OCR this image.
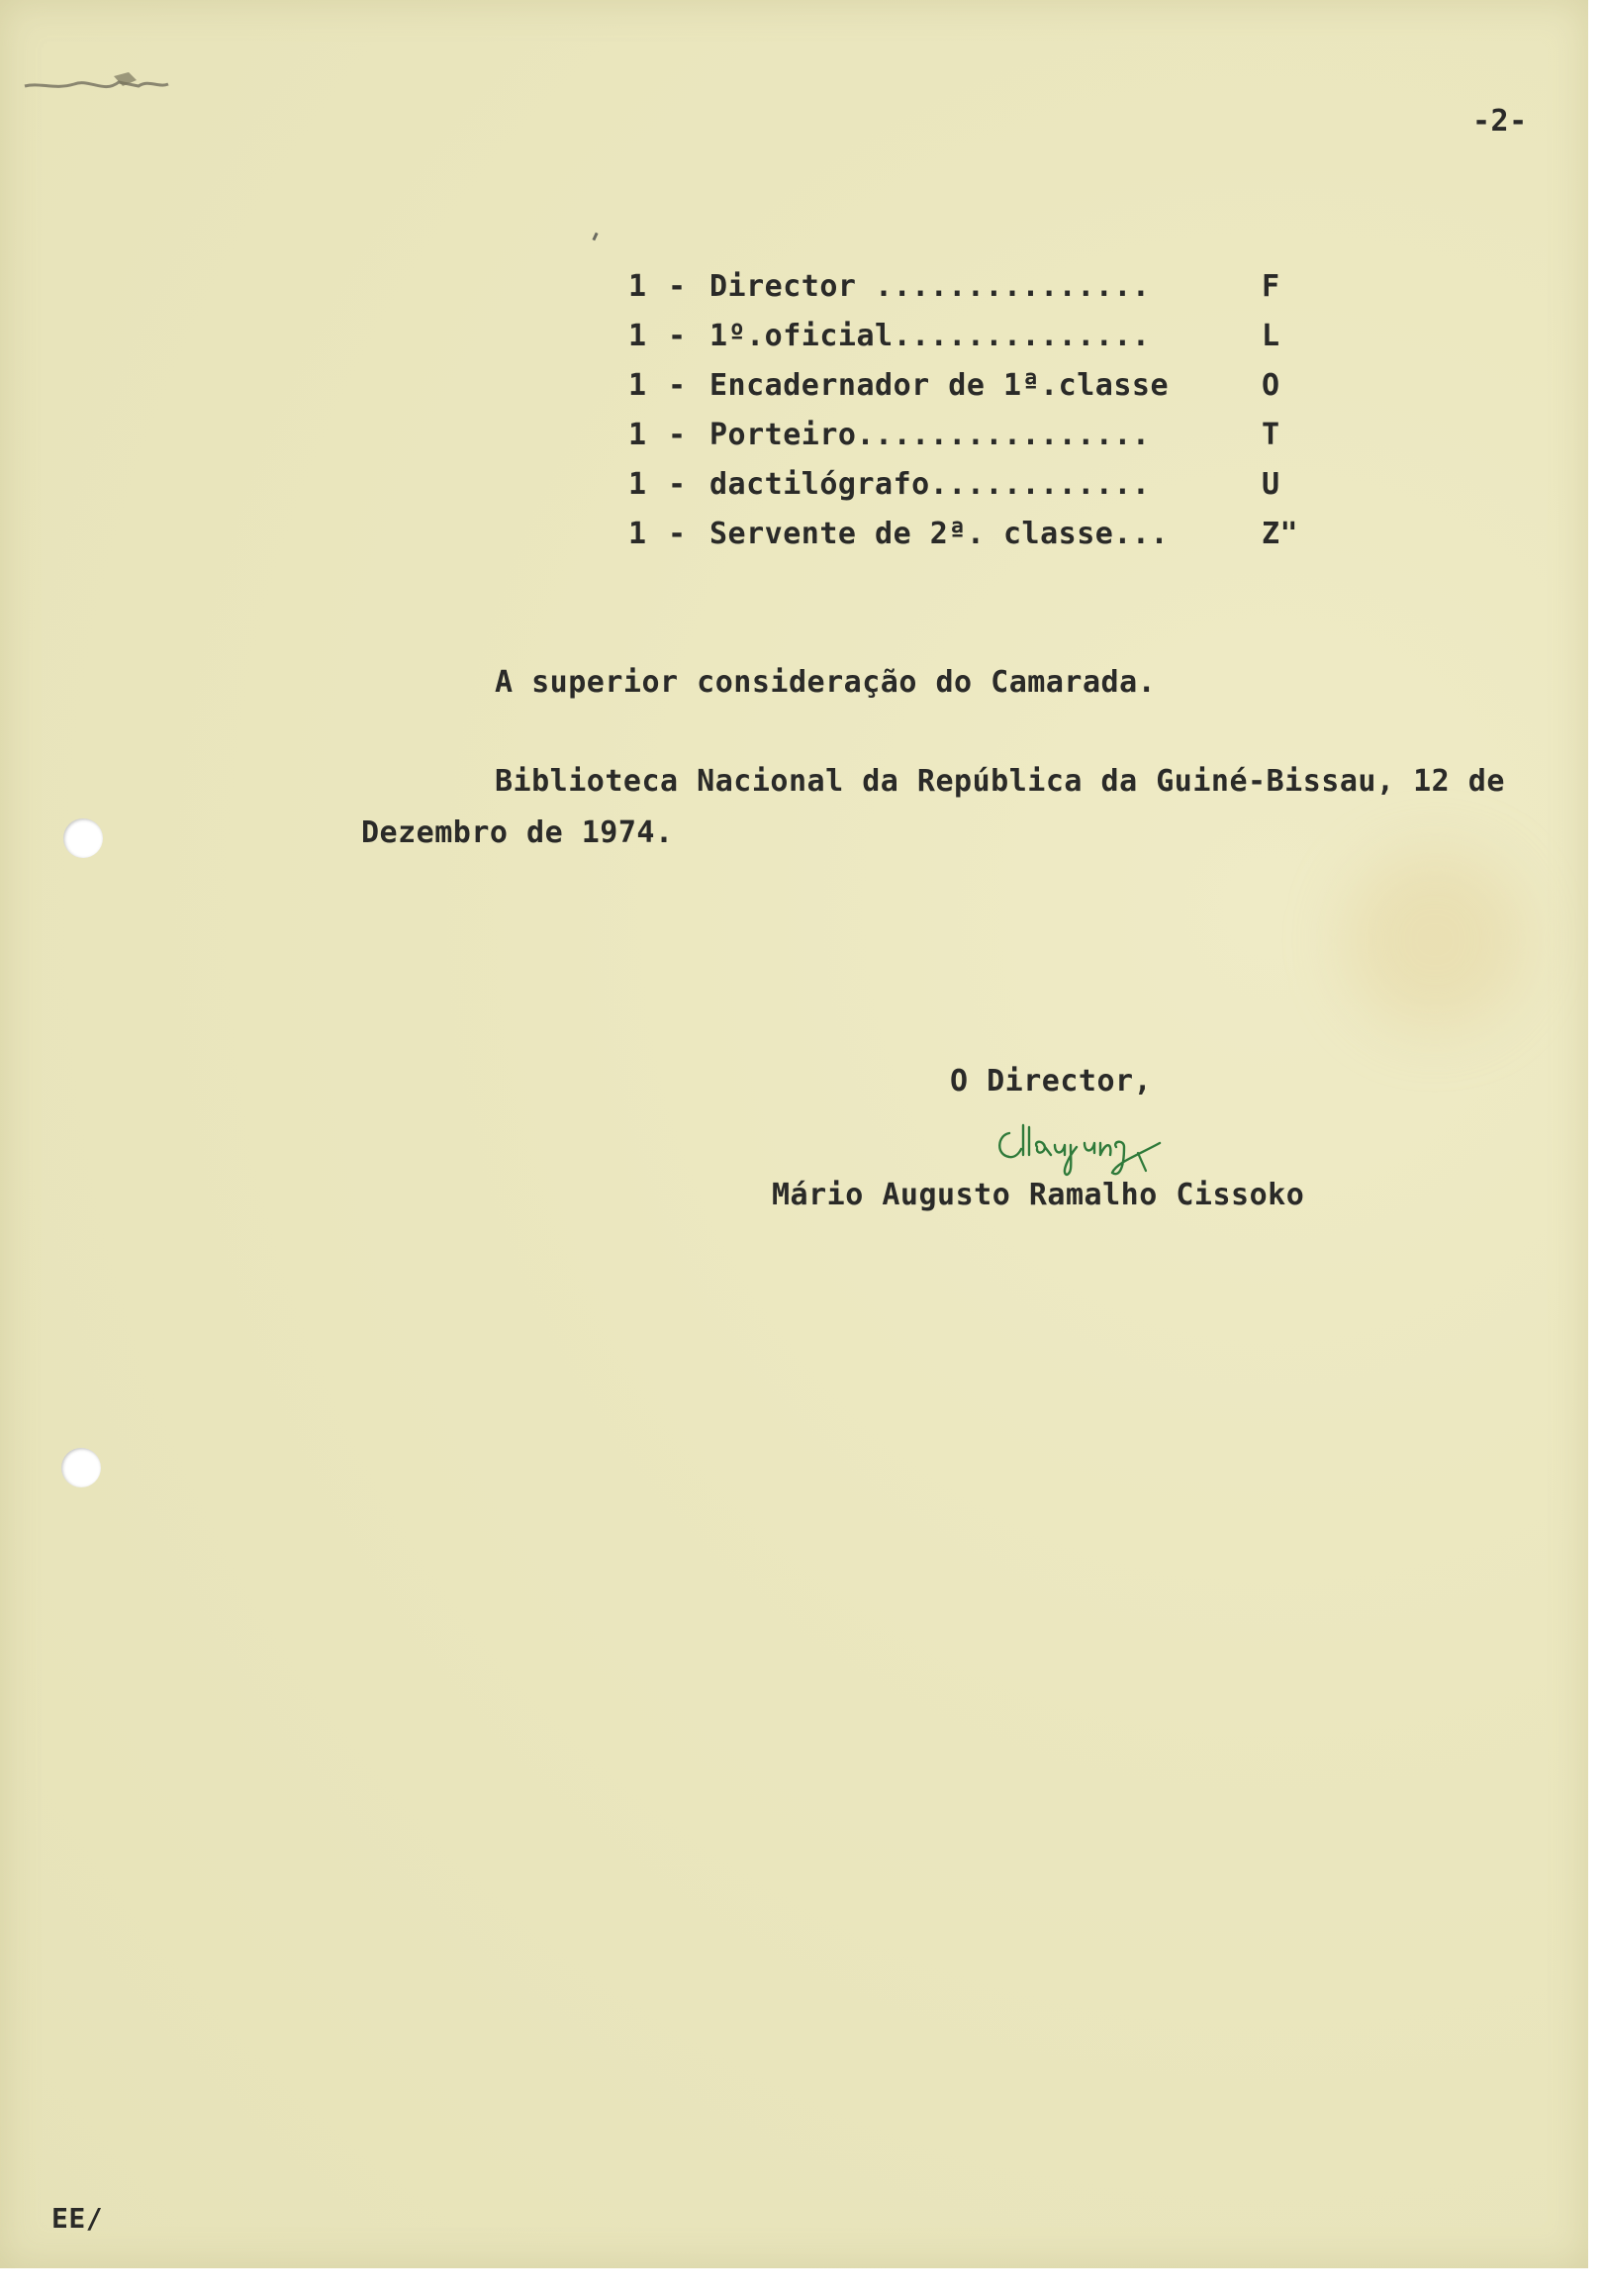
-2-
1 - Director ...............	F
1 - 1º.oficial..............	L
1 - Encadernador de 1ª.classe	O
1 - Porteiro................	T
1 - dactilógrafo............	U
1 - Servente de 2ª. classe...	Z"
A superior consideração do Camarada.
Biblioteca Nacional da República da Guiné-Bissau, 12 de
Dezembro de 1974.
O Director,
Mário Augusto Ramalho Cissoko
EE/
